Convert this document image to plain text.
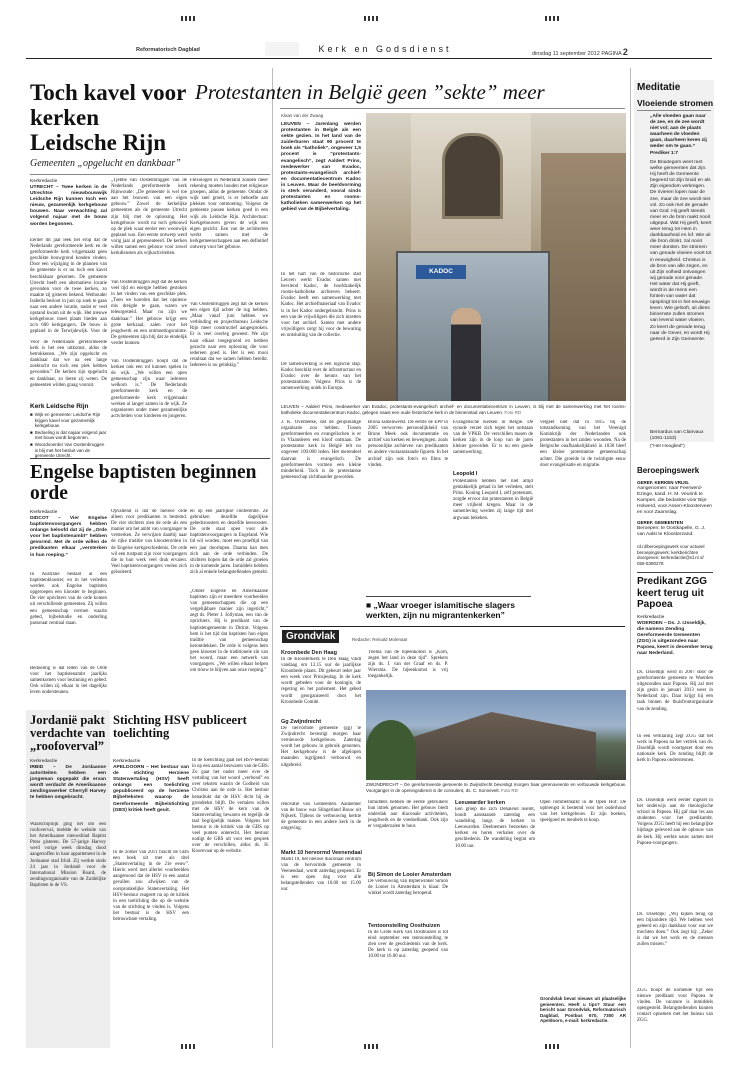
Reformatorisch Dagblad	Kerk en Godsdienst	dinsdag 11 september 2012 PAGINA 2
Toch kavel voor kerken Leidsche Rijn
Gemeenten „opgelucht en dankbaar”
Kerkredactie

UTRECHT – Twee kerken in de Utrechtse nieuwbouwwijk Leidsche Rijn kunnen toch een nieuw, gezamenlijk kerkgebouw bouwen. Naar verwachting zal volgend najaar met de bouw worden begonnen.

Eerder dit jaar leek het erop dat de Nederlands gereformeerde kerk en de gereformeerde kerk vrijgemaakt geen geschikte bouwgrond konden vinden. Door een wijziging in de plannen van de gemeente is er nu toch een kavel beschikbaar gekomen. De gemeente Utrecht heeft een alternatieve locatie gevonden voor de twee kerken, zo maakte zij gisteren bekend. Wethouder Isabella besloot in juni op zoek te gaan naar een andere locatie, nadat er veel opstand kwam uit de wijk. Het nieuwe kerkgebouw moet plaats bieden aan zo'n 600 kerkgangers. De bouw is gepland in de Terwijdewijk. Voor de

Voor de Nederlands gereformeerde kerk is het een uitkomst, aldus de betrokkenen. „We zijn opgelucht en dankbaar dat we na een lange zoektocht nu toch een plek hebben gevonden.” De kerken zijn opgelucht en dankbaar, zo lieten zij weten. De gemeenten wilden graag vooruit.

Kerk Leidsche Rijn
■ Wijk en gemeente: Leidsche Rijn krijgen kavel voor gezamenlijk kerkgebouw.
■ Bedoeling is dat najaar volgend jaar met bouw wordt begonnen.
■ Woordvoerder Van Oostenbruggen is blij met het besluit van de gemeente Utrecht.

„Tjebbe van Oostenbruggen van de Nederlands gereformeerde kerk Rijnwoude: „De gemeente is wel toe aan het bouwen van een eigen gebouw.” Zowel de kerkelijke gemeenten als de gemeente Utrecht zijn blij met de oplossing. Het kerkgebouw wordt nu toch gebouwd op de plek waar eerder een woonwijk gepland was. Een eerste ontwerp werd vorig jaar al gepresenteerd. De kerken willen samen een gebouw voor zowel kerkdiensten als wijkactiviteiten.

Van Oostenbruggen zegt dat de kerken veel tijd en energie hebben gestoken in het vinden van een geschikte plek. „Toen we hoorden dat het opnieuw mis dreigde te gaan, waren we teleurgesteld. Maar nu zijn we dankbaar.” Het gebouw krijgt een grote kerkzaal, zalen voor het jeugdwerk en een ontmoetingsruimte. De gemeenten zijn blij dat ze eindelijk verder kunnen.

Van Oostenbruggen hoopt dat de kerken ook een rol kunnen spelen in de wijk. „We willen een open gemeenschap zijn waar iedereen welkom is.” De Nederlands gereformeerde kerk en de gereformeerde kerk vrijgemaakt werken al langer samen in de wijk. Ze organiseren onder meer gezamenlijke activiteiten voor kinderen en jongeren.

Flexologen in Nederland zouden meer rekening moeten houden met religieuze groepen, aldus de gemeente. Omdat de wijk snel groeit, is er behoefte aan plekken voor ontmoeting. Volgens de gemeente passen kerken goed in een wijk als Leidsche Rijn. Architectuur: Kerkgebouwen geven de wijk een eigen gezicht. Een van de architecten werkt samen met de kerkgemeenschappen aan een definitief ontwerp voor het gebouw.

Van Oostenbruggen zegt dat de kerken een eigen tijd achter de rug hebben. „Maar vanaf juni hebben we verbinding en projectbureau Leidsche Rijn meer constructief aangesproken. Er is veel overleg geweest. We zijn naar elkaar toegegroeid en hebben gezocht naar een oplossing die voor iedereen goed is. Het is een mooi resultaat dat we samen hebben bereikt. Iedereen is nu gelukkig.”

Engelse baptisten beginnen orde
Kerkredactie

DIDCOT – Vier Engelse baptistenvoorgangers hebben onlangs beloofd dat zij de „Orde voor het baptistenambt” hebben gevormd. Met de orde willen de predikanten elkaar „versterken in hun roeping.”

In Australië bestaat al een baptistenklooster, en in het verleden werden ook Engelse baptisten opgeroepen een klooster te beginnen. De vier oprichters van de orde komen uit verschillende gemeenten. Zij willen een gemeenschap vormen waarin gebed, bijbelstudie en onderling pastoraat centraal staan.

Opvallend is dat de nieuwe orde alleen voor predikanten is bestemd. De vier stichters zien de orde als een manier om het ambt van voorganger te versterken. Ze verwijzen daarbij naar de rijke traditie van kloosterorden in de Engelse kerkgeschiedenis. De orde wil een rustpunt zijn voor voorgangers die in hun werk veel druk ervaren. Veel baptistenvoorgangers voelen zich geïsoleerd.

Bedoeling is dat leden van de Orde voor het baptistenambt jaarlijks samenkomen voor bezinning en gebed. Ook willen zij elkaar in het dagelijks leven ondersteunen.

en op een jaarlijkse conferentie. Ze gebruiken dezelfde dagelijkse gebedsroosters en dezelfde leesrooster. De orde staat open voor alle baptistenvoorgangers in Engeland. Wie lid wil worden, moet een proeftijd van een jaar doorlopen. Daarna kan men zich aan de orde verbinden. De stichters hopen dat de orde zal groeien in de komende jaren. Inmiddels hebben zich al enkele belangstellenden gemeld.

„Onder Engelse en Amerikaanse baptisten zijn er meerdere voorbeelden van gemeenschappen die op een vergelijkbare manier zijn ingericht,” zegt ds. Pieter J. Jollyman, een van de oprichters. Hij is predikant van de baptistengemeente in Didcot. Volgens hem is het tijd dat baptisten hun eigen traditie van gemeenschap herontdekken. De orde is volgens hem geen klooster in de traditionele zin van het woord, maar een netwerk van voorgangers. „We willen elkaar helpen om trouw te blijven aan onze roeping.”

Jordanië pakt verdachte van „roofoverval”
Kerkredactie

IRBID – De Jordaanse autoriteiten hebben een jongeman opgepakt die ervan wordt verdacht de Amerikaanse zendingswerker Cherryll Harvey te hebben omgebracht.

Waarschijnlijk ging het om een roofoverval, meldde de website van het Amerikaanse nieuwsblad Baptist Press gisteren. De 57-jarige Harvey werd vorige week dinsdag dood aangetroffen in haar appartement in de Jordaanse stad Irbid. Zij werkte sinds 24 jaar in Jordanië voor de International Mission Board, de zendingsorganisatie van de Zuidelijke Baptisten in de VS.

Stichting HSV publiceert toelichting
Kerkredactie

APELDOORN – Het bestuur van de stichting Herziene Statenvertaling (HSV) heeft onlangs een toelichting gepubliceerd op de herziene Bijbelteksten waarop de Gereformeerde Bijbelstichting (GBS) kritiek heeft geuit.

In de zomer van 2011 bracht de GBS een boek uit met als titel „Statenvertaling in de 21e eeuw”. Hierin werd met allerlei voorbeelden aangetoond dat de HSV in een aantal gevallen zou afwijken van de oorspronkelijke Statenvertaling. Het HSV-bestuur reageert nu op de kritiek in een toelichting die op de website van de stichting te vinden is. Volgens het bestuur is de HSV een betrouwbare vertaling.

In de toelichting gaat het HSV-bestuur in op een aantal bezwaren van de GBS. Zo gaat het onder meer over de vertaling van het woord „verbond” en over teksten waarin de Godheid van Christus aan de orde is. Het bestuur benadrukt dat de HSV dicht bij de grondtekst blijft. De vertalers willen met de HSV de kern van de Statenvertaling bewaren en tegelijk de taal begrijpelijk maken. Volgens het bestuur is de kritiek van de GBS op veel punten onterecht. Het bestuur nodigt de GBS uit voor een gesprek over de verschillen, aldus ds. H. Koorevaar op de website.

Protestanten in België geen ”sekte” meer
Klaas van der Zwaag

LEUVEN – Jarenlang werden protestanten in België als een sekte gezien. In het land van de zuiderburen staat 90 procent te boek als ”katholiek”, ongeveer 1,5 procent is ”protestants-evangelisch”, zegt Aaldert Prins, medewerker van Evadoc, protestants-evangelisch archief- en documentatiecentrum Kadoc in Leuven. Maar de beeldvorming is sterk veranderd, vooral sinds protestanten en rooms-katholieken samenwerken op het gebied van de Bijbelvertaling.

In het hart van de historische stad Leuven werkt Evadoc samen met bevriend Kadoc, de hoofdzakelijk rooms-katholieke archieven beheert. Evadoc heeft een samenwerking met Kadoc. Het archiefmateriaal van Evadoc is in het Kadoc ondergebracht. Prins is een van de vrijwilligers die zich inzetten voor het archief. Samen met andere vrijwilligers zorgt hij voor de bewaring en ontsluiting van de collectie.

De samenwerking is een logische stap. Kadoc beschikt over de infrastructuur en Evadoc over de kennis van het protestantisme. Volgens Prins is de samenwerking uniek in Europa.

KADOC

LEUVEN – Aaldert Prins, medewerker van Evadoc, protestants-evangelisch archief- en documentatiecentrum in Leuven, is blij met de samenwerking met het rooms-katholieke documentatiecentrum Kadoc, gelegen naast een oude historische kerk in de binnenstad van Leuven. Foto RD

J. K. Overbeeke, dat de gelijkmatige organisatie zou hebben. Tussen gereformeerden en evangelischen is er in Vlaanderen een kloof ontstaan. De protestantse kerk in België telt nu ongeveer 100.000 leden. Het merendeel daarvan is evangelisch. De gereformeerden vormen een kleine minderheid. Toch is de protestantse gemeenschap zichtbaarder geworden.

Bruna samenwerkt. De eerste de EPP in 2005 verworven persoonlijkheid van Bruno Meek ook documentatie en archief van kerken en bewegingen, zoals persoonlijke archieven van predikanten en andere vooraanstaande figuren. In het archief zijn ook foto's en films te vinden.

■ „Waar vroeger islamitische slagers werkten, zijn nu migrantenkerken”

Evangelische Kerken in België. De synode verzet zich tegen het ontstaan van de VPKB. De verschillen tussen de kerken zijn in de loop van de jaren kleiner geworden. Er is nu een goede samenwerking.

Leopold I

Protestanten hebben het niet altijd gemakkelijk gehad in het verleden, stelt Prins. Koning Leopold I, zelf protestant, zorgde ervoor dat protestanten in België meer vrijheid kregen. Maar in de samenleving werden zij lange tijd met argwaan bekeken.

vergeet niet dat in 1815 bij de totstandkoming van het Verenigd Koninkrijk der Nederlanden ook protestanten in het zuiden woonden. Na de Belgische onafhankelijkheid in 1830 bleef een kleine protestantse gemeenschap achter. Die groeide in de twintigste eeuw door evangelisatie en migratie.

Grondvlak	Redactie: Reinald Molenaar
Kroonbede Den Haag

In de Kloosterkerk te Den Haag vindt vandaag om 12.15 uur de jaarlijkse Kroonbede plaats. Dit gebeurt ieder jaar een week voor Prinsjesdag. In de kerk wordt gebeden voor de koningin, de regering en het parlement. Het gebed wordt georganiseerd door het Kroonbede Comité.

Thema van de bijeenkomst is „Kom, zegen het land in deze tijd”. Sprekers zijn ds. J. van der Graaf en ds. P. Wiersma. De bijeenkomst is vrij toegankelijk.

Gg Zwijndrecht

De hervormde gemeente (gg) te Zwijndrecht bevestigt morgen haar vernieuwde kerkgebouw. Zaterdag wordt het gebouw in gebruik genomen. Het kerkgebouw is de afgelopen maanden ingrijpend verbouwd en uitgebreid.

ZWIJNDRECHT – De gereformeerde gemeente te Zwijndrecht bevestigt morgen haar gerenoveerde en verbouwde kerkgebouw. Voorganger in de openingsdienst is de consulent, ds. C. Sonnevelt. Foto RD

renovatie van Gemeenten. Aannemer van de bouw was Slingerland Bouw uit Nijkerk. Tijdens de verbouwing kerkte de gemeente in een andere kerk in de omgeving.

Markt 10 hervormd Veenendaal

Markt 10, het nieuwe diaconaal centrum van de hervormde gemeente in Veenendaal, wordt zaterdag geopend. Er is een open dag voor alle belangstellenden van 10.00 tot 15.00 uur.

Inmiddels hebben de eerste gebruikers hun intrek genomen. Het gebouw biedt onderdak aan diaconale activiteiten, jeugdwerk en de voedselbank. Ook zijn er vergaderzalen te huur.

Bij Simon de Looier Amsterdam

De verbouwing van Bijbelwinkel Simon de Looier in Amsterdam is klaar. De winkel wordt zaterdag heropend.

Tentoonstelling Oosthuizen

In de Grote Kerk van Oosthuizen is tot eind september een tentoonstelling te zien over de geschiedenis van de kerk. De kerk is op zaterdag geopend van 10.00 tot 16.00 uur.

Leeuwarder kerken

Een groep die zich Dehalend noemt, houdt aanstaande zaterdag een wandeling langs de kerken in Leeuwarden. Deelnemers bezoeken de kerken en horen verhalen over de geschiedenis. De wandeling begint om 10.00 uur.

Open rommelmarkt in de Open Hof: De opbrengst is bestemd voor het onderhoud van het kerkgebouw. Er zijn boeken, speelgoed en meubels te koop.

Grondvlak bevat nieuws uit plaatselijke gemeenten. Heeft u tips? Stuur een bericht naar Grondvlak, Reformatorisch Dagblad, Postbus 670, 7300 AR Apeldoorn, e-mail: kerkredactie.

Meditatie
Vloeiende stromen

„Alle vloeden gaan naar de zee, en de zee wordt niet vol; aan de plaats waarheen de vloeden gaan, daarheen keren zij weder om te gaan.” Prediker 1:7

De Bruidegom weet met welke gemeenten dat zijn. Hij heeft de Gemeente begeerd tot Zijn bruid en als Zijn eigendom verkregen. De rivieren lopen naar de zee, maar de zee wordt niet vol. Zo ook met de genade van God. Hij geeft steeds meer en de bron raakt nooit uitgeput. Wat Hij geeft, keert weer terug tot Hem in dankbaarheid en lof. Wie uit die bron drinkt, zal nooit meer dorsten. De stromen van genade vloeien voort tot in eeuwigheid. Christus is de bron van alle zegen, en uit Zijn volheid ontvangen wij genade voor genade. Het water dat Hij geeft, wordt in de mens een fontein van water dat opspringt tot in het eeuwige leven. Wie gelooft, uit diens binnenste zullen stromen van levend water vloeien. Zo keert de genade terug naar de Gever, en wordt Hij geëerd in Zijn Gemeente.

Bernardus van Clairvaux (1091-1153)

(”Het Hooglied”)

Beroepingswerk
GEREF. KERKEN VRIJG.

Aangenomen: naar Feerwerd-Ezinge, kand. H. M. Veurink te Kampen, die bedankte voor Bijs-Holwerd, voor Assen-Kloosterveen en voor Zaamslag.

GEREF. GEMEENTEN

Beroepen: te Oostkapelle, G. J. van Aalst te Kloosterzand.

rd.nl/beroepingswerk voor actueel beroepingswerk; kerkberichten doorgeven: kerkredactie@rd.nl of 055-5390278

Predikant ZGG keert terug uit Papoea
Kerkredactie

WOERDEN – Ds. J. IJsseldijk, die namens Zending Gereformeerde Gemeenten (ZGG) is uitgezonden naar Papoea, keert in december terug naar Nederland.

Ds. IJsseldijk werd in 2007 door de gereformeerde gemeente te Woerden uitgezonden naar Papoea. Hij zal met zijn gezin in januari 2013 weer in Nederland zijn. Daar krijgt hij een taak binnen de thuisfrontorganisatie van de zending.

In een verklaring zegt ZGG dat het werk in Papoea na het vertrek van ds. IJsseldijk wordt voortgezet door een nationale kerk. De zending blijft de kerk in Papoea ondersteunen.

Ds. IJsseldijk werd eerder ingezet in het onderwijs aan de theologische school in Papoea. Hij gaf daar les aan studenten voor het predikambt. Volgens ZGG heeft hij een belangrijke bijdrage geleverd aan de opbouw van de kerk. Hij werkte nauw samen met Papoea-voorgangers.

Ds. IJsseldijk: „Wij kijken terug op een bijzondere tijd. We hebben veel geleerd en zijn dankbaar voor wat we mochten doen.” Ook zegt hij: „Zeker is dat we het werk en de mensen zullen missen.”

ZGG hoopt de komende tijd een nieuwe predikant voor Papoea te vinden. De vacature is inmiddels opengesteld. Belangstellenden kunnen contact opnemen met het bureau van ZGG.
